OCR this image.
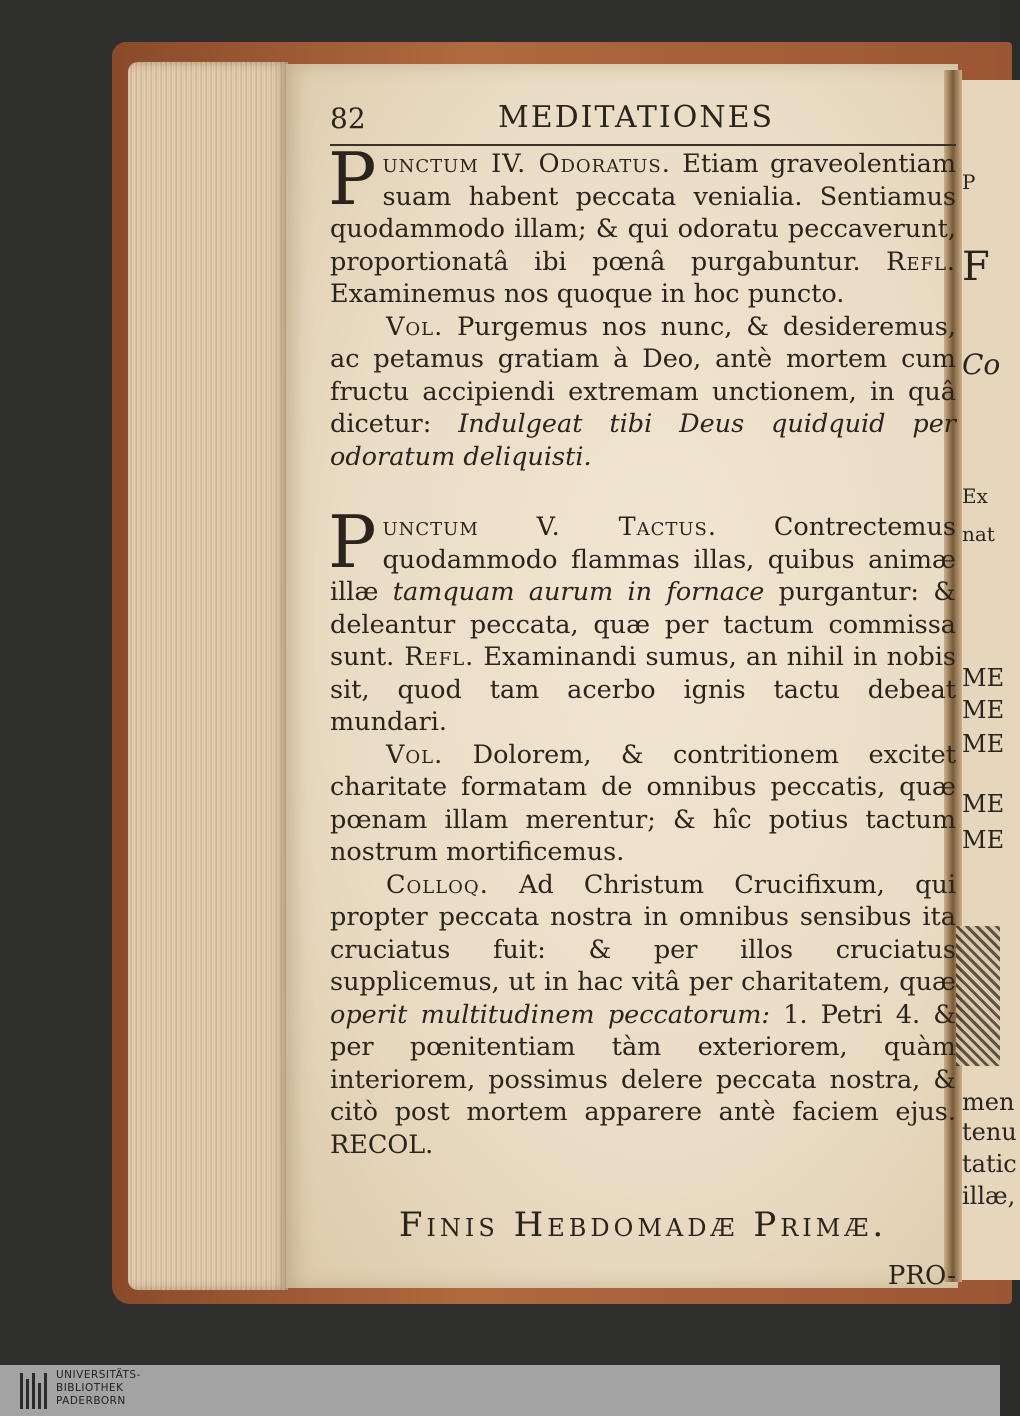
P
F
Co
Ex
nat
ME
ME
ME
ME
ME
men
tenu
tatic
illæ,
82	MEDITATIONES

Punctum IV. Odoratus. Etiam graveolentiam suam habent peccata venialia. Sentiamus quodammodo illam; & qui odoratu peccaverunt, proportionatâ ibi pœnâ purgabuntur. Refl. Examinemus nos quoque in hoc puncto.

Vol. Purgemus nos nunc, & desideremus, ac petamus gratiam à Deo, antè mortem cum fructu accipiendi extremam unctionem, in quâ dicetur: Indulgeat tibi Deus quidquid per odoratum deliquisti.

Punctum V. Tactus. Contrectemus quodammodo flammas illas, quibus animæ illæ tamquam aurum in fornace purgantur: & deleantur peccata, quæ per tactum commissa sunt. Refl. Examinandi sumus, an nihil in nobis sit, quod tam acerbo ignis tactu debeat mundari.

Vol. Dolorem, & contritionem excitet charitate formatam de omnibus peccatis, quæ pœnam illam merentur; & hîc potius tactum nostrum mortificemus.

Colloq. Ad Christum Crucifixum, qui propter peccata nostra in omnibus sensibus ita cruciatus fuit: & per illos cruciatus supplicemus, ut in hac vitâ per charitatem, quæ operit multitudinem peccatorum: 1. Petri 4. & per pœnitentiam tàm exteriorem, quàm interiorem, possimus delere peccata nostra, & citò post mortem apparere antè faciem ejus. RECOL.

Finis Hebdomadæ Primæ.
PRO-
UNIVERSITÄTS-
BIBLIOTHEK
PADERBORN
